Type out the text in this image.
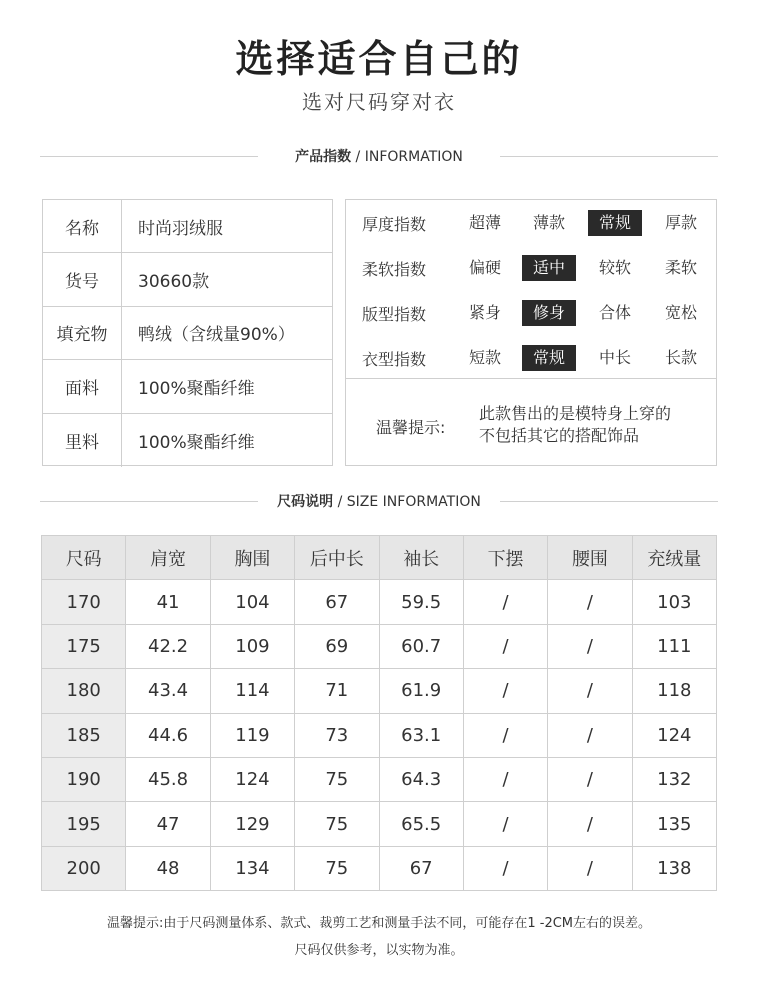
选择适合自己的
选对尺码穿对衣
产品指数 / INFORMATION
名称	时尚羽绒服
货号	30660款
填充物	鸭绒（含绒量90%）
面料	100%聚酯纤维
里料	100%聚酯纤维
厚度指数	超薄	薄款	常规	厚款
柔软指数	偏硬	适中	较软	柔软
版型指数	紧身	修身	合体	宽松
衣型指数	短款	常规	中长	长款
温馨提示:
此款售出的是模特身上穿的
不包括其它的搭配饰品
尺码说明 / SIZE INFORMATION
尺码	肩宽	胸围	后中长	袖长	下摆	腰围	充绒量
170	41	104	67	59.5	/	/	103
175	42.2	109	69	60.7	/	/	111
180	43.4	114	71	61.9	/	/	118
185	44.6	119	73	63.1	/	/	124
190	45.8	124	75	64.3	/	/	132
195	47	129	75	65.5	/	/	135
200	48	134	75	67	/	/	138
温馨提示:由于尺码测量体系、款式、裁剪工艺和测量手法不同，可能存在1 -2CM左右的误差。
尺码仅供参考，以实物为准。
